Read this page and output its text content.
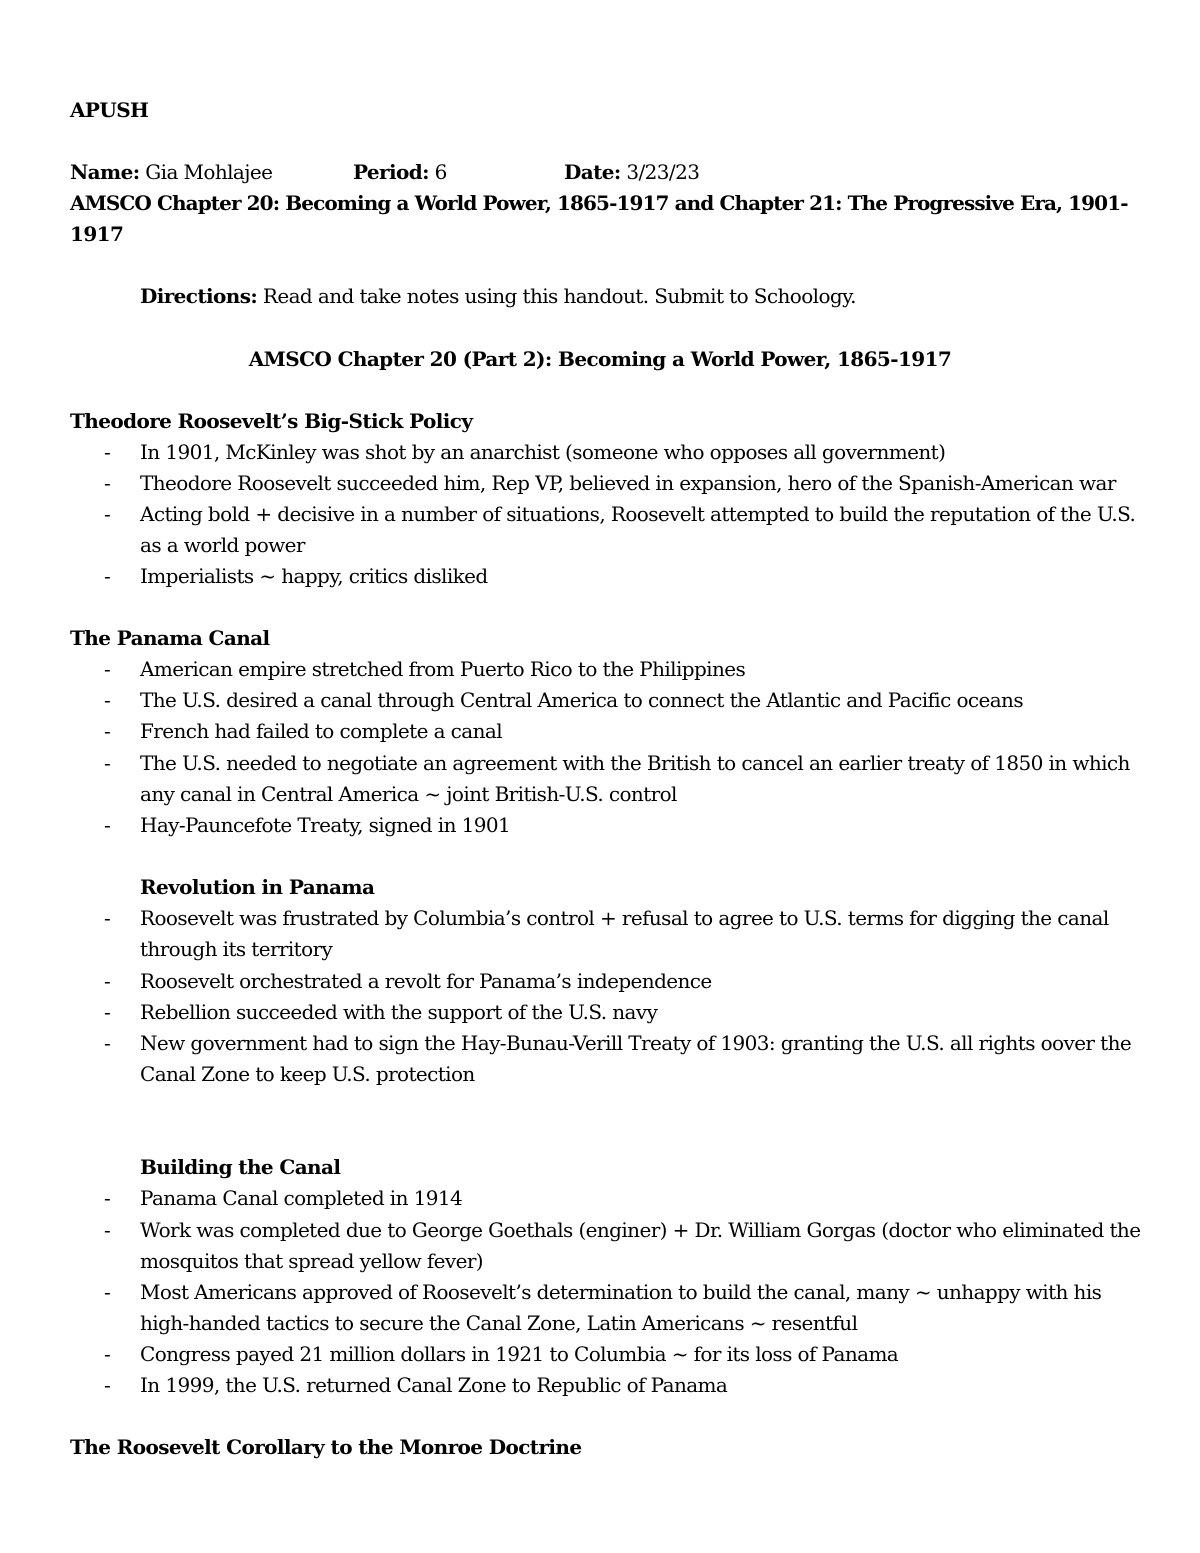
APUSH
Name: Gia Mohlajee	Period: 6	Date: 3/23/23
AMSCO Chapter 20: Becoming a World Power, 1865-1917 and Chapter 21: The Progressive Era, 1901-
1917
Directions: Read and take notes using this handout. Submit to Schoology.
AMSCO Chapter 20 (Part 2): Becoming a World Power, 1865-1917
Theodore Roosevelt’s Big-Stick Policy
- In 1901, McKinley was shot by an anarchist (someone who opposes all government)
- Theodore Roosevelt succeeded him, Rep VP, believed in expansion, hero of the Spanish-American war
- Acting bold + decisive in a number of situations, Roosevelt attempted to build the reputation of the U.S.
as a world power
- Imperialists ~ happy, critics disliked
The Panama Canal
- American empire stretched from Puerto Rico to the Philippines
- The U.S. desired a canal through Central America to connect the Atlantic and Pacific oceans
- French had failed to complete a canal
- The U.S. needed to negotiate an agreement with the British to cancel an earlier treaty of 1850 in which
any canal in Central America ~ joint British-U.S. control
- Hay-Pauncefote Treaty, signed in 1901
Revolution in Panama
- Roosevelt was frustrated by Columbia’s control + refusal to agree to U.S. terms for digging the canal
through its territory
- Roosevelt orchestrated a revolt for Panama’s independence
- Rebellion succeeded with the support of the U.S. navy
- New government had to sign the Hay-Bunau-Verill Treaty of 1903: granting the U.S. all rights oover the
Canal Zone to keep U.S. protection
Building the Canal
- Panama Canal completed in 1914
- Work was completed due to George Goethals (enginer) + Dr. William Gorgas (doctor who eliminated the
mosquitos that spread yellow fever)
- Most Americans approved of Roosevelt’s determination to build the canal, many ~ unhappy with his
high-handed tactics to secure the Canal Zone, Latin Americans ~ resentful
- Congress payed 21 million dollars in 1921 to Columbia ~ for its loss of Panama
- In 1999, the U.S. returned Canal Zone to Republic of Panama
The Roosevelt Corollary to the Monroe Doctrine
